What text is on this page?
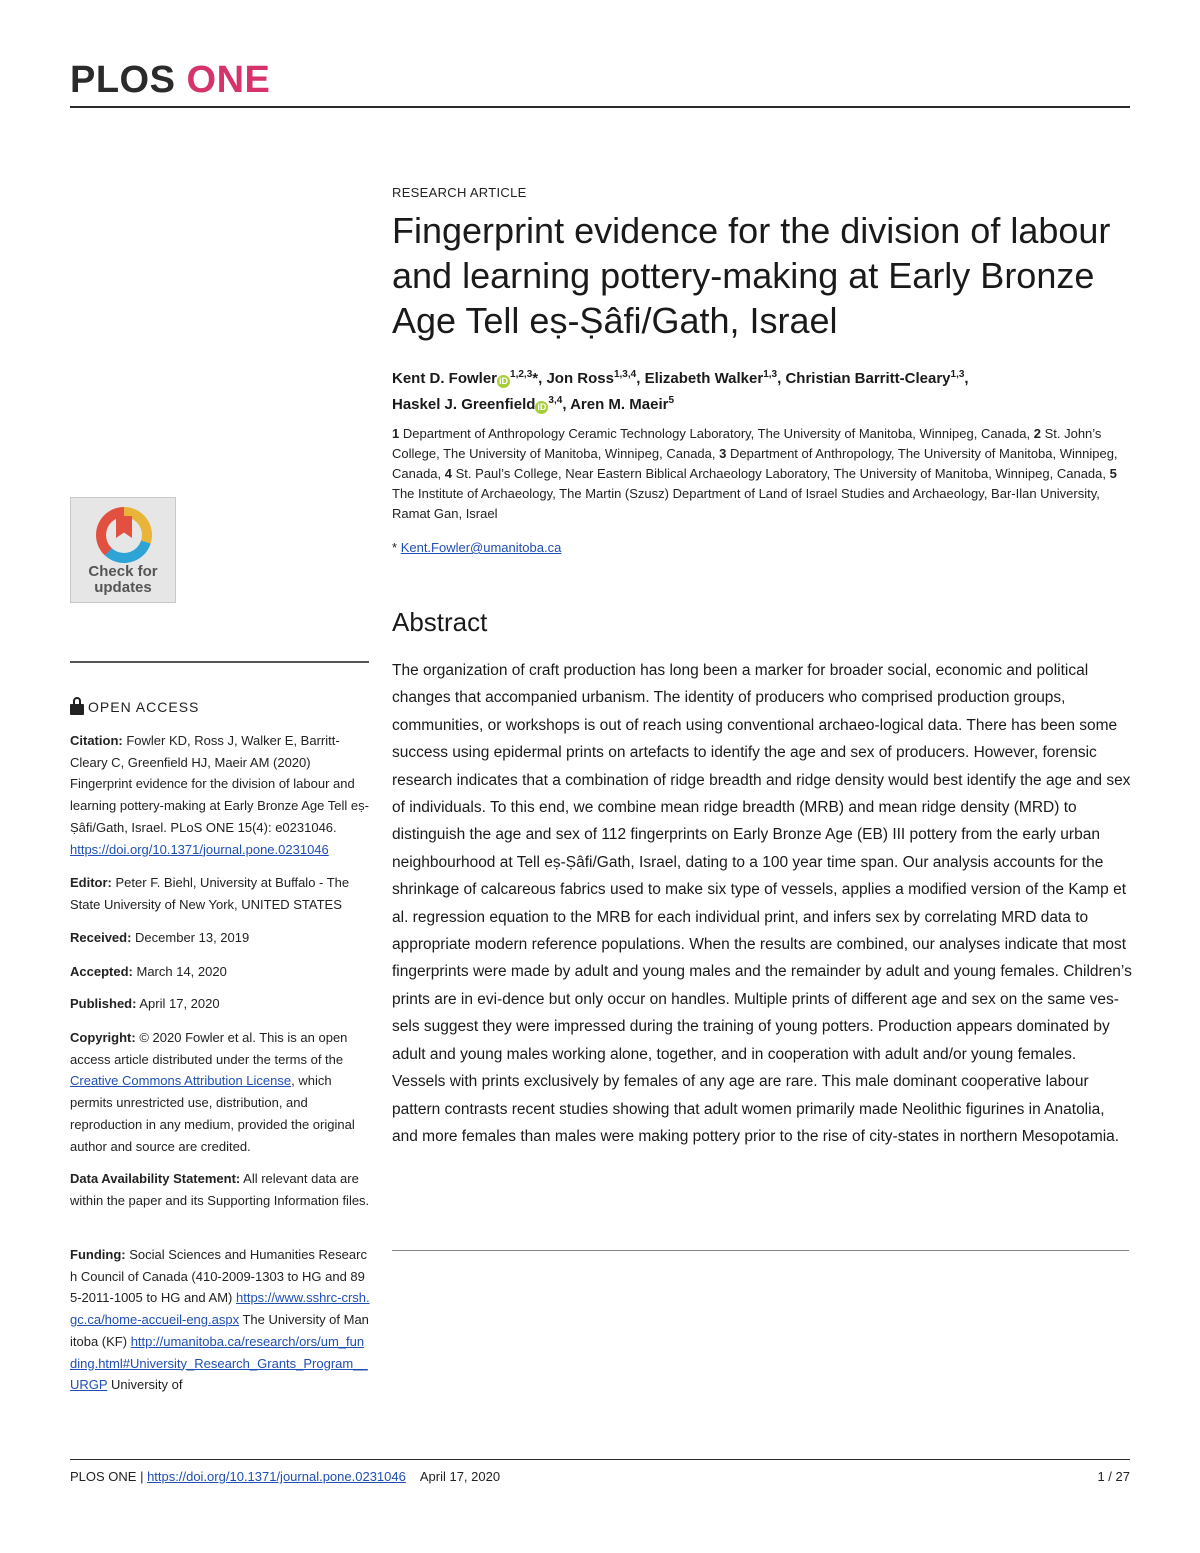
PLOS ONE
Check for
updates
OPEN ACCESS
Citation: Fowler KD, Ross J, Walker E, Barritt-Cleary C, Greenfield HJ, Maeir AM (2020) Fingerprint evidence for the division of labour and learning pottery-making at Early Bronze Age Tell eṣ-Ṣâfi/Gath, Israel. PLoS ONE 15(4): e0231046. https://doi.org/10.1371/journal.pone.0231046
Editor: Peter F. Biehl, University at Buffalo - The State University of New York, UNITED STATES
Received: December 13, 2019
Accepted: March 14, 2020
Published: April 17, 2020
Copyright: © 2020 Fowler et al. This is an open access article distributed under the terms of the Creative Commons Attribution License, which permits unrestricted use, distribution, and reproduction in any medium, provided the original author and source are credited.
Data Availability Statement: All relevant data are within the paper and its Supporting Information files.
Funding: Social Sciences and Humanities Research Council of Canada (410-2009-1303 to HG and 895-2011-1005 to HG and AM) https://www.sshrc-crsh.gc.ca/home-accueil-eng.aspx The University of Manitoba (KF) http://umanitoba.ca/research/ors/um_funding.html#University_Research_Grants_Program__URGP University of
RESEARCH ARTICLE
Fingerprint evidence for the division of labour and learning pottery-making at Early Bronze Age Tell eṣ-Ṣâfi/Gath, Israel
Kent D. Fowler iD$^{1,2,3}$*, Jon Ross$^{1,3,4}$, Elizabeth Walker$^{1,3}$, Christian Barritt-Cleary$^{1,3}$,
Haskel J. Greenfield iD$^{3,4}$, Aren M. Maeir$^5$
1 Department of Anthropology Ceramic Technology Laboratory, The University of Manitoba, Winnipeg, Canada, 2 St. John’s College, The University of Manitoba, Winnipeg, Canada, 3 Department of Anthropology, The University of Manitoba, Winnipeg, Canada, 4 St. Paul’s College, Near Eastern Biblical Archaeology Laboratory, The University of Manitoba, Winnipeg, Canada, 5 The Institute of Archaeology, The Martin (Szusz) Department of Land of Israel Studies and Archaeology, Bar-Ilan University, Ramat Gan, Israel
* Kent.Fowler@umanitoba.ca
Abstract

The organization of craft production has long been a marker for broader social, economic and political changes that accompanied urbanism. The identity of producers who comprised production groups, communities, or workshops is out of reach using conventional archaeo-logical data. There has been some success using epidermal prints on artefacts to identify the age and sex of producers. However, forensic research indicates that a combination of ridge breadth and ridge density would best identify the age and sex of individuals. To this end, we combine mean ridge breadth (MRB) and mean ridge density (MRD) to distinguish the age and sex of 112 fingerprints on Early Bronze Age (EB) III pottery from the early urban neighbourhood at Tell eṣ-Ṣâfi/Gath, Israel, dating to a 100 year time span. Our analysis accounts for the shrinkage of calcareous fabrics used to make six type of vessels, applies a modified version of the Kamp et al. regression equation to the MRB for each individual print, and infers sex by correlating MRD data to appropriate modern reference populations. When the results are combined, our analyses indicate that most fingerprints were made by adult and young males and the remainder by adult and young females. Children’s prints are in evi-dence but only occur on handles. Multiple prints of different age and sex on the same ves-sels suggest they were impressed during the training of young potters. Production appears dominated by adult and young males working alone, together, and in cooperation with adult and/or young females. Vessels with prints exclusively by females of any age are rare. This male dominant cooperative labour pattern contrasts recent studies showing that adult women primarily made Neolithic figurines in Anatolia, and more females than males were making pottery prior to the rise of city-states in northern Mesopotamia.

PLOS ONE | https://doi.org/10.1371/journal.pone.0231046 April 17, 2020	1 / 27
